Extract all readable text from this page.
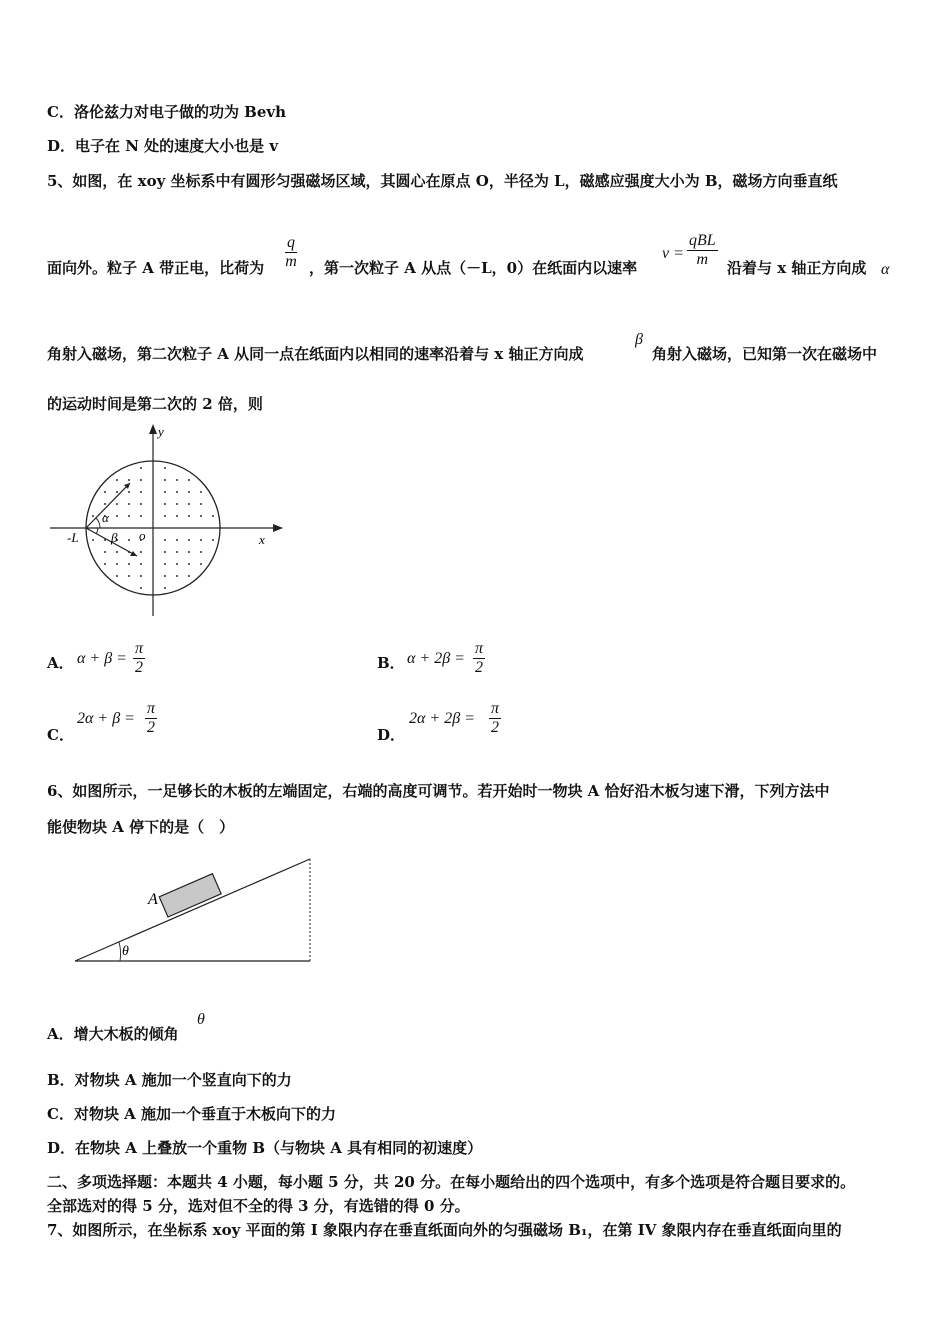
C．洛伦兹力对电子做的功为 Bevh
D．电子在 N 处的速度大小也是 v
5、如图，在 xoy 坐标系中有圆形匀强磁场区域，其圆心在原点 O，半径为 L，磁感应强度大小为 B，磁场方向垂直纸
面向外。粒子 A 带正电，比荷为 $\frac{q}{m}$ ，第一次粒子 A 从点（－L，0）在纸面内以速率
v =
qBL
m	沿着与 x 轴正方向成 α
角射入磁场，第二次粒子 A 从同一点在纸面内以相同的速率沿着与 x 轴正方向成
β
角射入磁场，已知第一次在磁场中
的运动时间是第二次的 2 倍，则
y
x
-L	o
α
β
A． $\alpha + \beta = \frac{\pi}{2}$	B． $\alpha + 2\beta = \frac{\pi}{2}$
C．
$2\alpha + \beta = \frac{\pi}{2}$	D．
$2\alpha + 2\beta = \frac{\pi}{2}$
6、如图所示，一足够长的木板的左端固定，右端的高度可调节。若开始时一物块 A 恰好沿木板匀速下滑，下列方法中
能使物块 A 停下的是（　）
A
θ
A．增大木板的倾角
θ
B．对物块 A 施加一个竖直向下的力
C．对物块 A 施加一个垂直于木板向下的力
D．在物块 A 上叠放一个重物 B（与物块 A 具有相同的初速度）
二、多项选择题：本题共 4 小题，每小题 5 分，共 20 分。在每小题给出的四个选项中，有多个选项是符合题目要求的。
全部选对的得 5 分，选对但不全的得 3 分，有选错的得 0 分。
7、如图所示，在坐标系 xoy 平面的第 I 象限内存在垂直纸面向外的匀强磁场 B₁，在第 IV 象限内存在垂直纸面向里的
